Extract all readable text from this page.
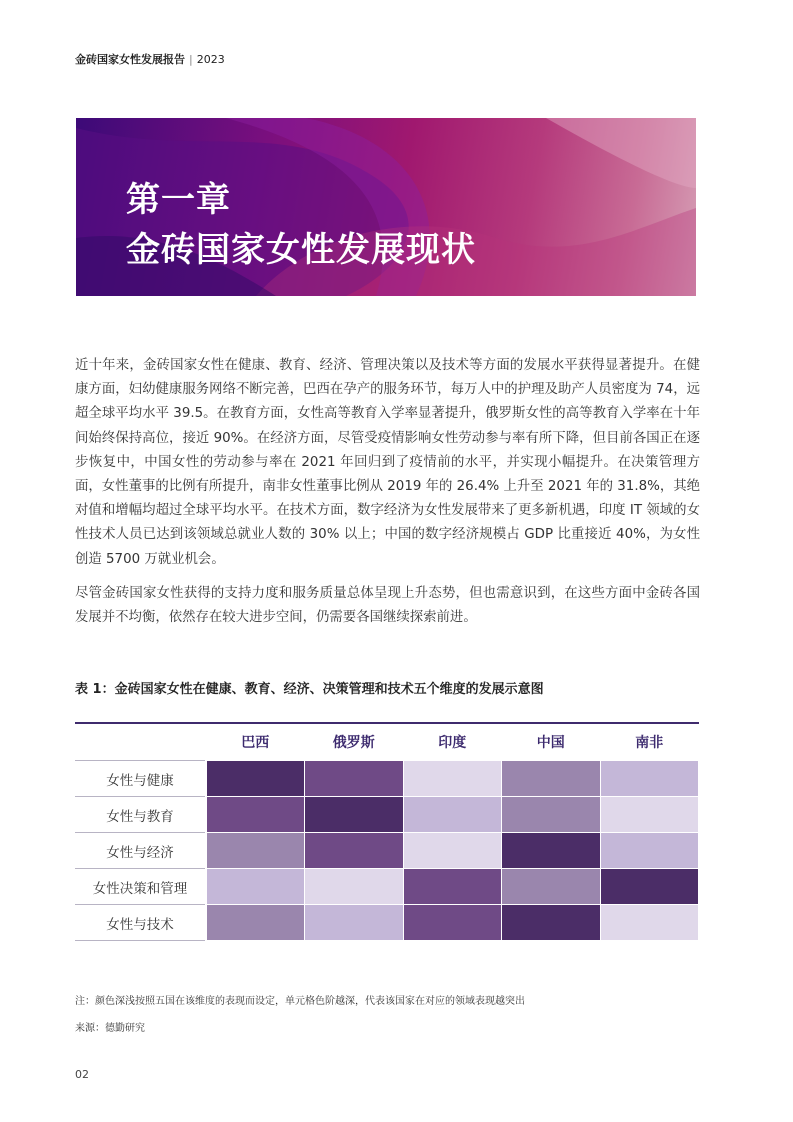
金砖国家女性发展报告 | 2023
第一章
金砖国家女性发展现状

近十年来，金砖国家女性在健康、教育、经济、管理决策以及技术等方面的发展水平获得显著提升。在健康方面，妇幼健康服务网络不断完善，巴西在孕产的服务环节，每万人中的护理及助产人员密度为 74，远超全球平均水平 39.5。在教育方面，女性高等教育入学率显著提升，俄罗斯女性的高等教育入学率在十年间始终保持高位，接近 90%。在经济方面，尽管受疫情影响女性劳动参与率有所下降，但目前各国正在逐步恢复中，中国女性的劳动参与率在 2021 年回归到了疫情前的水平，并实现小幅提升。在决策管理方面，女性董事的比例有所提升，南非女性董事比例从 2019 年的 26.4% 上升至 2021 年的 31.8%，其绝对值和增幅均超过全球平均水平。在技术方面，数字经济为女性发展带来了更多新机遇，印度 IT 领域的女性技术人员已达到该领域总就业人数的 30% 以上；中国的数字经济规模占 GDP 比重接近 40%，为女性创造 5700 万就业机会。

尽管金砖国家女性获得的支持力度和服务质量总体呈现上升态势，但也需意识到，在这些方面中金砖各国发展并不均衡，依然存在较大进步空间，仍需要各国继续探索前进。

表 1：金砖国家女性在健康、教育、经济、决策管理和技术五个维度的发展示意图
	巴西	俄罗斯	印度	中国	南非
女性与健康					
女性与教育					
女性与经济					
女性决策和管理					
女性与技术					
注：颜色深浅按照五国在该维度的表现而设定，单元格色阶越深，代表该国家在对应的领域表现越突出
来源：德勤研究
02
